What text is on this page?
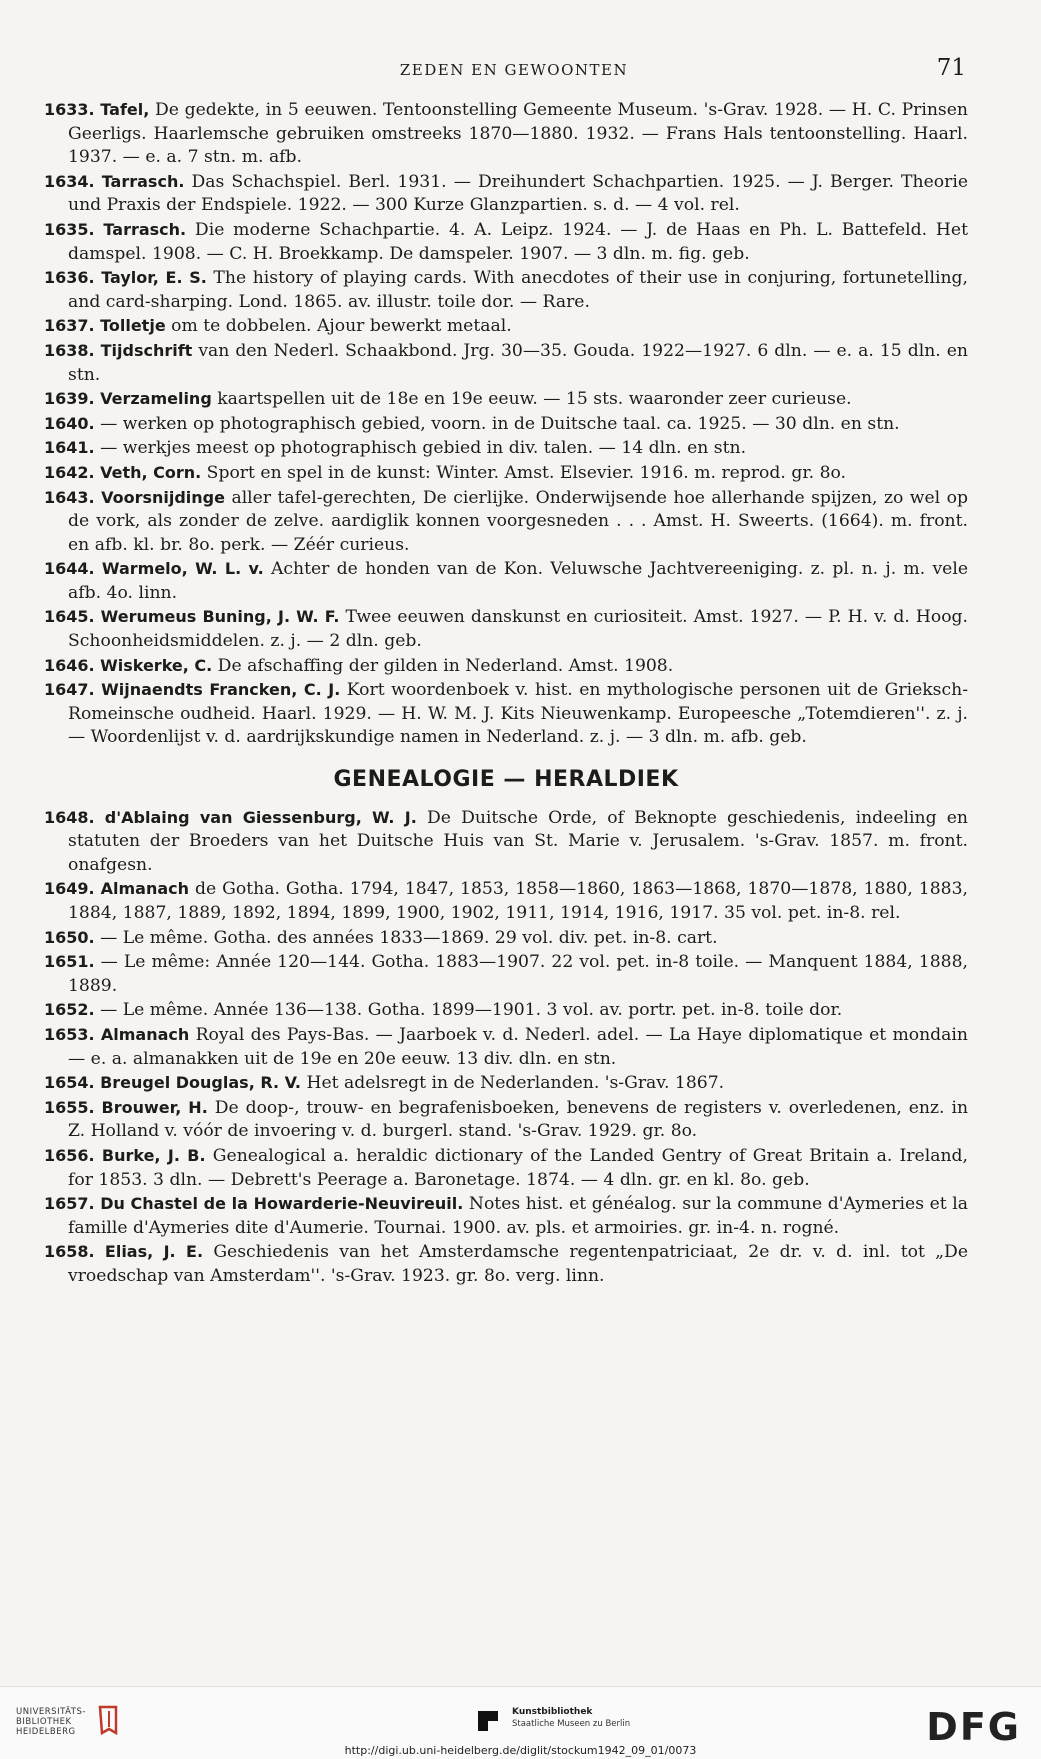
ZEDEN EN GEWOONTEN	71

1633. Tafel, De gedekte, in 5 eeuwen. Tentoonstelling Gemeente Museum. 's-Grav. 1928. — H. C. Prinsen Geerligs. Haarlemsche gebruiken omstreeks 1870—1880. 1932. — Frans Hals tentoonstelling. Haarl. 1937. — e. a. 7 stn. m. afb.

1634. Tarrasch. Das Schachspiel. Berl. 1931. — Dreihundert Schachpartien. 1925. — J. Berger. Theorie und Praxis der Endspiele. 1922. — 300 Kurze Glanzpartien. s. d. — 4 vol. rel.

1635. Tarrasch. Die moderne Schachpartie. 4. A. Leipz. 1924. — J. de Haas en Ph. L. Battefeld. Het damspel. 1908. — C. H. Broekkamp. De damspeler. 1907. — 3 dln. m. fig. geb.

1636. Taylor, E. S. The history of playing cards. With anecdotes of their use in conjuring, fortunetelling, and card-sharping. Lond. 1865. av. illustr. toile dor. — Rare.

1637. Tolletje om te dobbelen. Ajour bewerkt metaal.

1638. Tijdschrift van den Nederl. Schaakbond. Jrg. 30—35. Gouda. 1922—1927. 6 dln. — e. a. 15 dln. en stn.

1639. Verzameling kaartspellen uit de 18e en 19e eeuw. — 15 sts. waaronder zeer curieuse.

1640. — werken op photographisch gebied, voorn. in de Duitsche taal. ca. 1925. — 30 dln. en stn.

1641. — werkjes meest op photographisch gebied in div. talen. — 14 dln. en stn.

1642. Veth, Corn. Sport en spel in de kunst: Winter. Amst. Elsevier. 1916. m. reprod. gr. 8o.

1643. Voorsnijdinge aller tafel-gerechten, De cierlijke. Onderwijsende hoe allerhande spijzen, zo wel op de vork, als zonder de zelve. aardiglik konnen voorgesneden . . . Amst. H. Sweerts. (1664). m. front. en afb. kl. br. 8o. perk. — Zéér curieus.

1644. Warmelo, W. L. v. Achter de honden van de Kon. Veluwsche Jachtvereeniging. z. pl. n. j. m. vele afb. 4o. linn.

1645. Werumeus Buning, J. W. F. Twee eeuwen danskunst en curiositeit. Amst. 1927. — P. H. v. d. Hoog. Schoonheidsmiddelen. z. j. — 2 dln. geb.

1646. Wiskerke, C. De afschaffing der gilden in Nederland. Amst. 1908.

1647. Wijnaendts Francken, C. J. Kort woordenboek v. hist. en mythologische personen uit de Grieksch-Romeinsche oudheid. Haarl. 1929. — H. W. M. J. Kits Nieuwenkamp. Europeesche „Totemdieren''. z. j. — Woordenlijst v. d. aardrijkskundige namen in Nederland. z. j. — 3 dln. m. afb. geb.

GENEALOGIE — HERALDIEK

1648. d'Ablaing van Giessenburg, W. J. De Duitsche Orde, of Beknopte geschiedenis, indeeling en statuten der Broeders van het Duitsche Huis van St. Marie v. Jerusalem. 's-Grav. 1857. m. front. onafgesn.

1649. Almanach de Gotha. Gotha. 1794, 1847, 1853, 1858—1860, 1863—1868, 1870—1878, 1880, 1883, 1884, 1887, 1889, 1892, 1894, 1899, 1900, 1902, 1911, 1914, 1916, 1917. 35 vol. pet. in-8. rel.

1650. — Le même. Gotha. des années 1833—1869. 29 vol. div. pet. in-8. cart.

1651. — Le même: Année 120—144. Gotha. 1883—1907. 22 vol. pet. in-8 toile. — Manquent 1884, 1888, 1889.

1652. — Le même. Année 136—138. Gotha. 1899—1901. 3 vol. av. portr. pet. in-8. toile dor.

1653. Almanach Royal des Pays-Bas. — Jaarboek v. d. Nederl. adel. — La Haye diplomatique et mondain — e. a. almanakken uit de 19e en 20e eeuw. 13 div. dln. en stn.

1654. Breugel Douglas, R. V. Het adelsregt in de Nederlanden. 's-Grav. 1867.

1655. Brouwer, H. De doop-, trouw- en begrafenisboeken, benevens de registers v. overledenen, enz. in Z. Holland v. vóór de invoering v. d. burgerl. stand. 's-Grav. 1929. gr. 8o.

1656. Burke, J. B. Genealogical a. heraldic dictionary of the Landed Gentry of Great Britain a. Ireland, for 1853. 3 dln. — Debrett's Peerage a. Baronetage. 1874. — 4 dln. gr. en kl. 8o. geb.

1657. Du Chastel de la Howarderie-Neuvireuil. Notes hist. et généalog. sur la commune d'Aymeries et la famille d'Aymeries dite d'Aumerie. Tournai. 1900. av. pls. et armoiries. gr. in-4. n. rogné.

1658. Elias, J. E. Geschiedenis van het Amsterdamsche regentenpatriciaat, 2e dr. v. d. inl. tot „De vroedschap van Amsterdam''. 's-Grav. 1923. gr. 8o. verg. linn.

UNIVERSITÄTS-
BIBLIOTHEK
HEIDELBERG
Kunstbibliothek
Staatliche Museen zu Berlin	DFG
http://digi.ub.uni-heidelberg.de/diglit/stockum1942_09_01/0073
